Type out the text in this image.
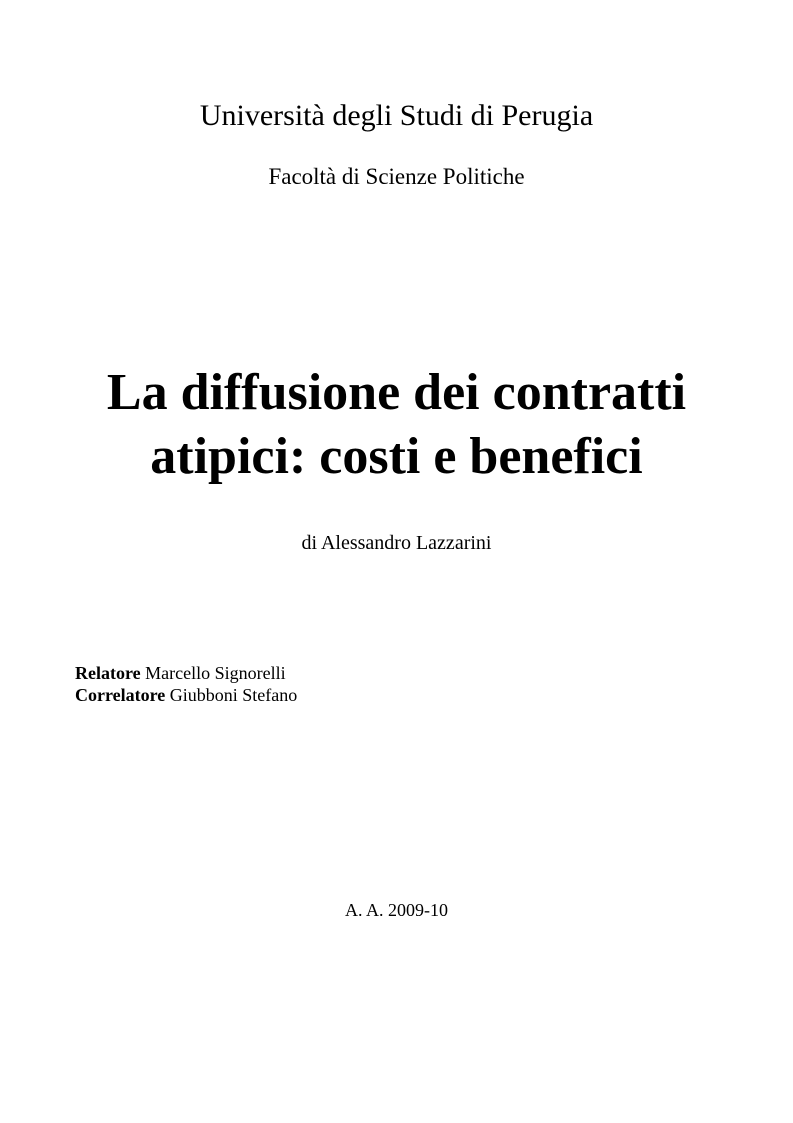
Università degli Studi di Perugia
Facoltà di Scienze Politiche
La diffusione dei contratti
atipici: costi e benefici
di Alessandro Lazzarini
Relatore Marcello Signorelli
Correlatore Giubboni Stefano
A. A. 2009-10
